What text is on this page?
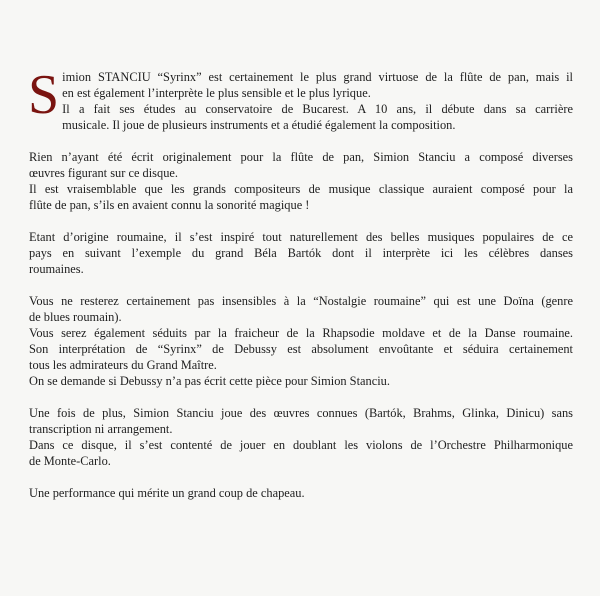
S imion STANCIU “Syrinx” est certainement le plus grand virtuose de la flûte de pan, mais il
en est également l’interprète le plus sensible et le plus lyrique.
Il a fait ses études au conservatoire de Bucarest. A 10 ans, il débute dans sa carrière
musicale. Il joue de plusieurs instruments et a étudié également la composition.
Rien n’ayant été écrit originalement pour la flûte de pan, Simion Stanciu a composé diverses
œuvres figurant sur ce disque.
Il est vraisemblable que les grands compositeurs de musique classique auraient composé pour la
flûte de pan, s’ils en avaient connu la sonorité magique !
Etant d’origine roumaine, il s’est inspiré tout naturellement des belles musiques populaires de ce
pays en suivant l’exemple du grand Béla Bartók dont il interprète ici les célèbres danses
roumaines.
Vous ne resterez certainement pas insensibles à la “Nostalgie roumaine” qui est une Doïna (genre
de blues roumain).
Vous serez également séduits par la fraicheur de la Rhapsodie moldave et de la Danse roumaine.
Son interprétation de “Syrinx” de Debussy est absolument envoûtante et séduira certainement
tous les admirateurs du Grand Maître.
On se demande si Debussy n’a pas écrit cette pièce pour Simion Stanciu.
Une fois de plus, Simion Stanciu joue des œuvres connues (Bartók, Brahms, Glinka, Dinicu) sans
transcription ni arrangement.
Dans ce disque, il s’est contenté de jouer en doublant les violons de l’Orchestre Philharmonique
de Monte-Carlo.
Une performance qui mérite un grand coup de chapeau.
